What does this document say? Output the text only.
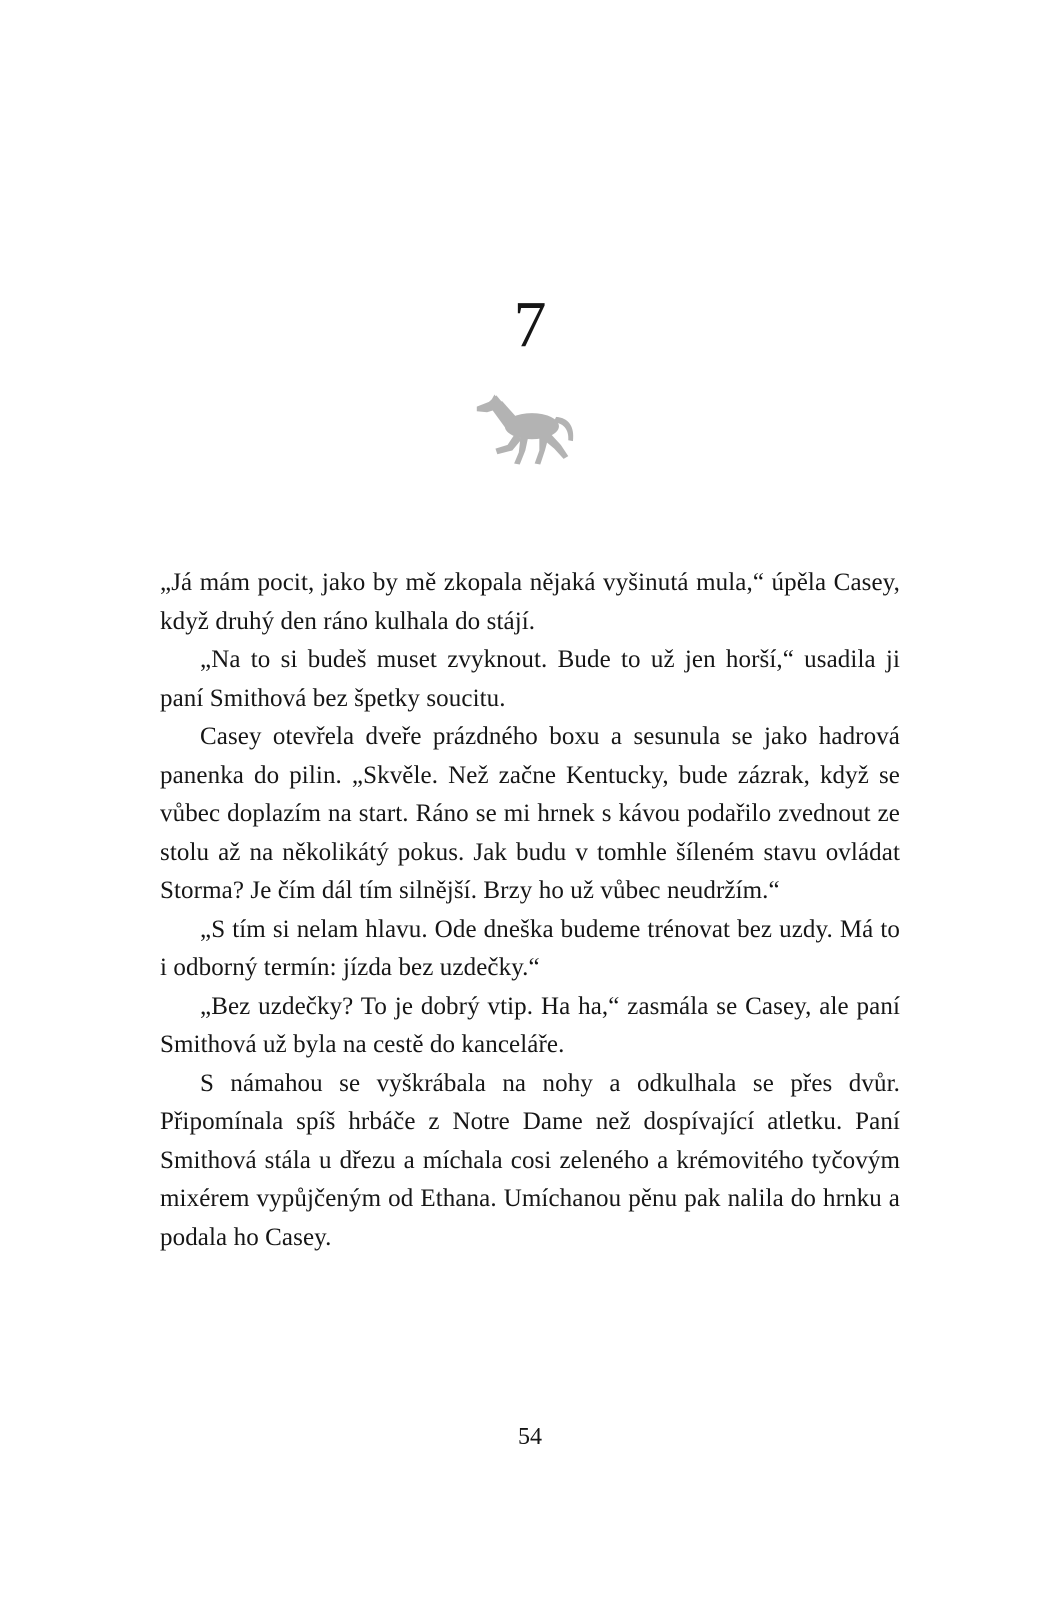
7

„Já mám pocit, jako by mě zkopala nějaká vyšinutá mula,“ úpěla Casey, když druhý den ráno kulhala do stájí.

„Na to si budeš muset zvyknout. Bude to už jen horší,“ usadila ji paní Smithová bez špetky soucitu.

Casey otevřela dveře prázdného boxu a sesunula se jako hadrová panenka do pilin. „Skvěle. Než začne Kentucky, bude zázrak, když se vůbec doplazím na start. Ráno se mi hrnek s kávou podařilo zvednout ze stolu až na několikátý pokus. Jak budu v tomhle šíleném stavu ovládat Storma? Je čím dál tím silnější. Brzy ho už vůbec neudržím.“

„S tím si nelam hlavu. Ode dneška budeme trénovat bez uzdy. Má to i odborný termín: jízda bez uzdečky.“

„Bez uzdečky? To je dobrý vtip. Ha ha,“ zasmála se Casey, ale paní Smithová už byla na cestě do kanceláře.

S námahou se vyškrábala na nohy a odkulhala se přes dvůr. Připomínala spíš hrbáče z Notre Dame než dospívající atletku. Paní Smithová stála u dřezu a míchala cosi zeleného a krémovitého tyčovým mixérem vypůjčeným od Ethana. Umíchanou pěnu pak nalila do hrnku a podala ho Casey.

54
